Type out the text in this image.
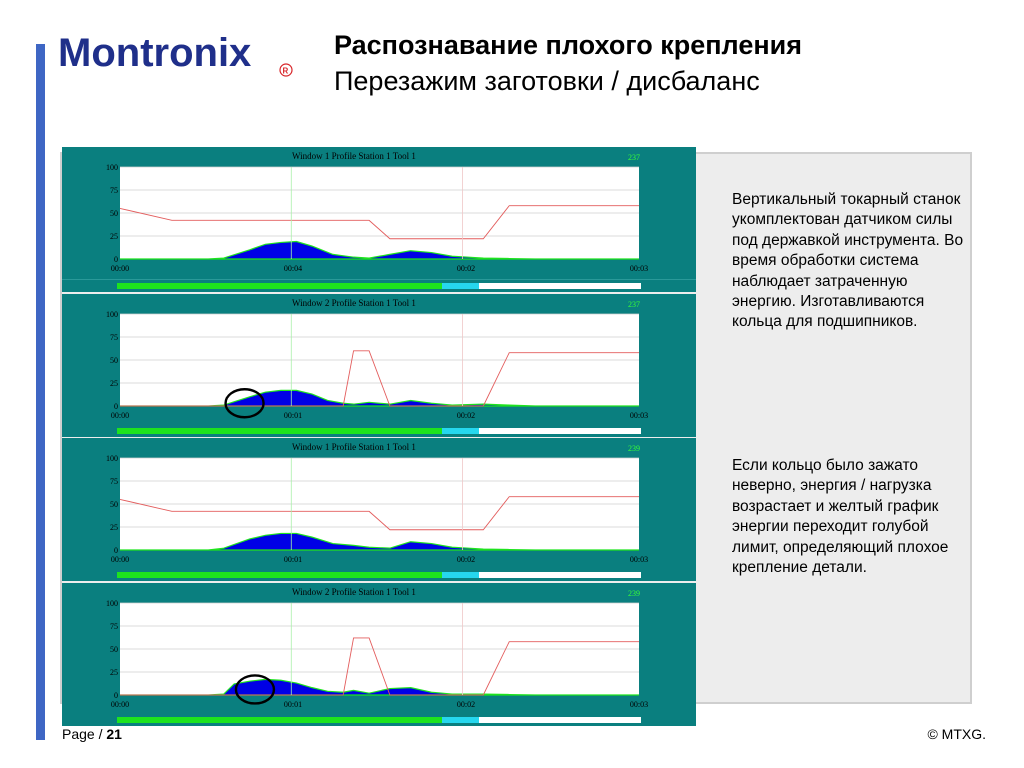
Montronix	R
Распознавание плохого крепления
Перезажим заготовки / дисбаланс
100
75
50
25
0
00:00	00:04	00:02	00:03
Window 1 Profile Station 1 Tool 1	237
100
75
50
25
0
00:00	00:01	00:02	00:03
Window 2 Profile Station 1 Tool 1	237
100
75
50
25
0
00:00	00:01	00:02	00:03
Window 1 Profile Station 1 Tool 1	239
100
75
50
25
0
00:00	00:01	00:02	00:03
Window 2 Profile Station 1 Tool 1	239
Вертикальный токарный станок укомплектован датчиком силы под державкой инструмента. Во время обработки система наблюдает затраченную энергию. Изготавливаются кольца для подшипников.
Если кольцо было зажато неверно, энергия / нагрузка возрастает и желтый график энергии переходит голубой лимит, определяющий плохое крепление детали.
Page / 21	© MTXG.
